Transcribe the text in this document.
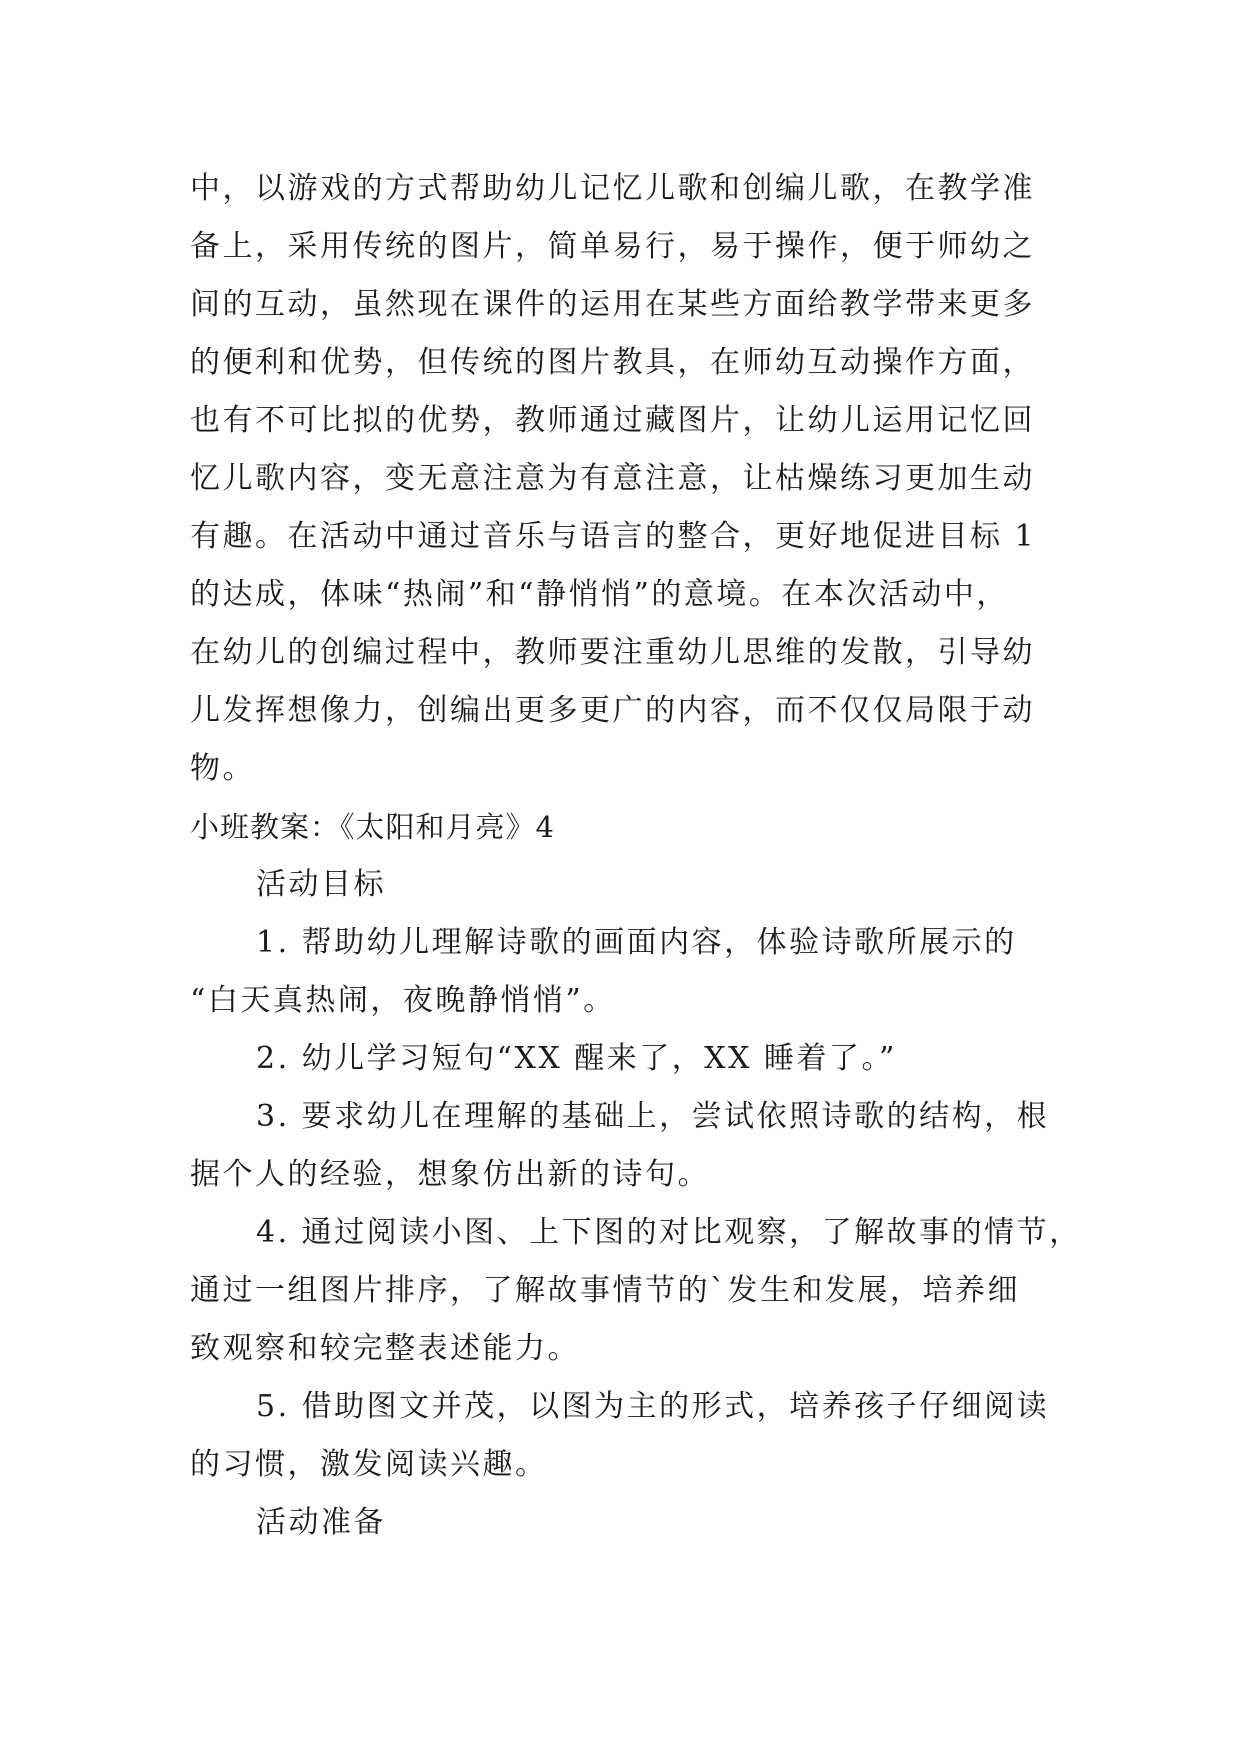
中，以游戏的方式帮助幼儿记忆儿歌和创编儿歌，在教学准
备上，采用传统的图片，简单易行，易于操作，便于师幼之
间的互动，虽然现在课件的运用在某些方面给教学带来更多
的便利和优势，但传统的图片教具，在师幼互动操作方面，
也有不可比拟的优势，教师通过藏图片，让幼儿运用记忆回
忆儿歌内容，变无意注意为有意注意，让枯燥练习更加生动
有趣。在活动中通过音乐与语言的整合，更好地促进目标 1
的达成，体味“热闹”和“静悄悄”的意境。在本次活动中，
在幼儿的创编过程中，教师要注重幼儿思维的发散，引导幼
儿发挥想像力，创编出更多更广的内容，而不仅仅局限于动
物。
小班教案：《太阳和月亮》4
活动目标
1. 帮助幼儿理解诗歌的画面内容，体验诗歌所展示的
“白天真热闹，夜晚静悄悄”。
2. 幼儿学习短句“XX 醒来了，XX 睡着了。”
3. 要求幼儿在理解的基础上，尝试依照诗歌的结构，根
据个人的经验，想象仿出新的诗句。
4. 通过阅读小图、上下图的对比观察，了解故事的情节，
通过一组图片排序，了解故事情节的`发生和发展，培养细
致观察和较完整表述能力。
5. 借助图文并茂，以图为主的形式，培养孩子仔细阅读
的习惯，激发阅读兴趣。
活动准备
